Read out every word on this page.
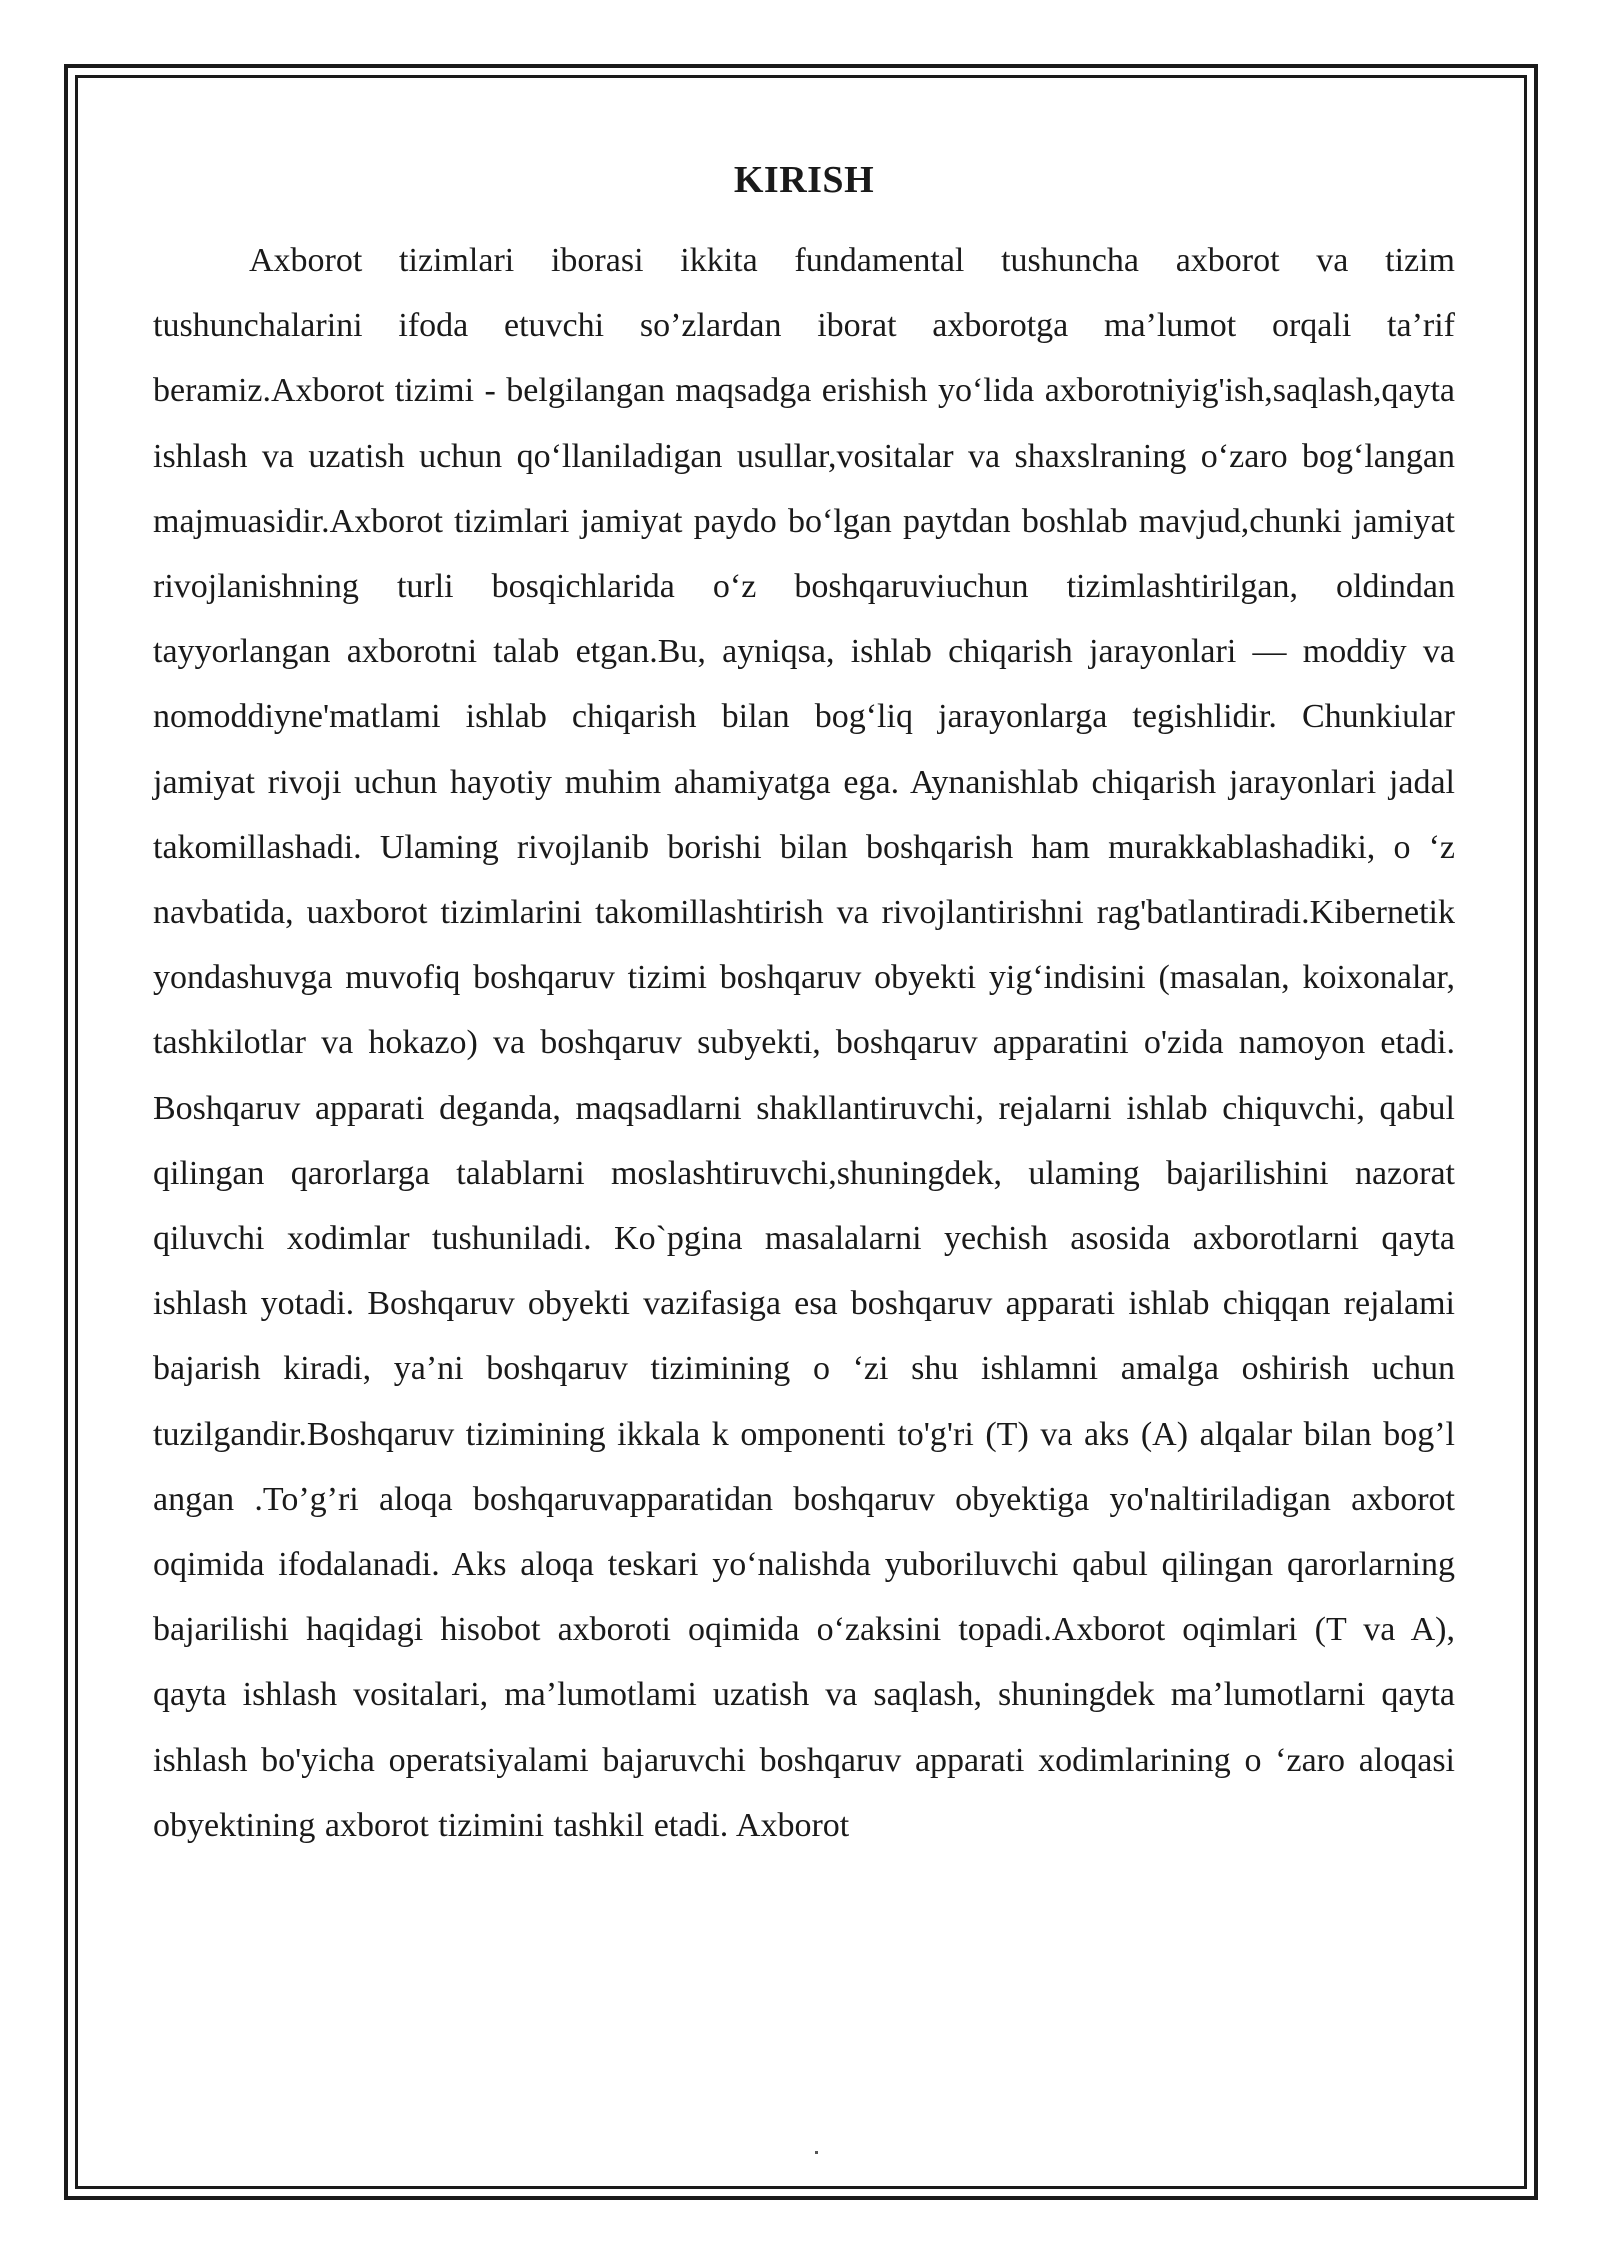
KIRISH

Axborot tizimlari iborasi ikkita fundamental tushuncha axborot va tizim tushunchalarini ifoda etuvchi so’zlardan iborat axborotga ma’lumot orqali ta’rif beramiz.Axborot tizimi - belgilangan maqsadga erishish yo‘lida axborotniyig'ish,saqlash,qayta ishlash va uzatish uchun qo‘llaniladigan usullar,vositalar va shaxslraning o‘zaro bog‘langan majmuasidir.Axborot tizimlari jamiyat paydo bo‘lgan paytdan boshlab mavjud,chunki jamiyat rivojlanishning turli bosqichlarida o‘z boshqaruviuchun tizimlashtirilgan, oldindan tayyorlangan axborotni talab etgan.Bu, ayniqsa, ishlab chiqarish jarayonlari — moddiy va nomoddiyne'matlami ishlab chiqarish bilan bog‘liq jarayonlarga tegishlidir. Chunkiular jamiyat rivoji uchun hayotiy muhim ahamiyatga ega. Aynanishlab chiqarish jarayonlari jadal takomillashadi. Ulaming rivojlanib borishi bilan boshqarish ham murakkablashadiki, o ‘z navbatida, uaxborot tizimlarini takomillashtirish va rivojlantirishni rag'batlantiradi.Kibernetik yondashuvga muvofiq boshqaruv tizimi boshqaruv obyekti yig‘indisini (masalan, koixonalar, tashkilotlar va hokazo) va boshqaruv subyekti, boshqaruv apparatini o'zida namoyon etadi. Boshqaruv apparati deganda, maqsadlarni shakllantiruvchi, rejalarni ishlab chiquvchi, qabul qilingan qarorlarga talablarni moslashtiruvchi,shuningdek, ulaming bajarilishini nazorat qiluvchi xodimlar tushuniladi. Ko`pgina masalalarni yechish asosida axborotlarni qayta ishlash yotadi. Boshqaruv obyekti vazifasiga esa boshqaruv apparati ishlab chiqqan rejalami bajarish kiradi, ya’ni boshqaruv tizimining o ‘zi shu ishlamni amalga oshirish uchun tuzilgandir.Boshqaruv tizimining ikkala k omponenti to'g'ri (T) va aks (A) alqalar bilan bog’l angan .To’g’ri aloqa boshqaruvapparatidan boshqaruv obyektiga yo'naltiriladigan axborot oqimida ifodalanadi. Aks aloqa teskari yo‘nalishda yuboriluvchi qabul qilingan qarorlarning bajarilishi haqidagi hisobot axboroti oqimida o‘zaksini topadi.Axborot oqimlari (T va A), qayta ishlash vositalari, ma’lumotlami uzatish va saqlash, shuningdek ma’lumotlarni qayta ishlash bo'yicha operatsiyalami bajaruvchi boshqaruv apparati xodimlarining o ‘zaro aloqasi obyektining axborot tizimini tashkil etadi. Axborot
